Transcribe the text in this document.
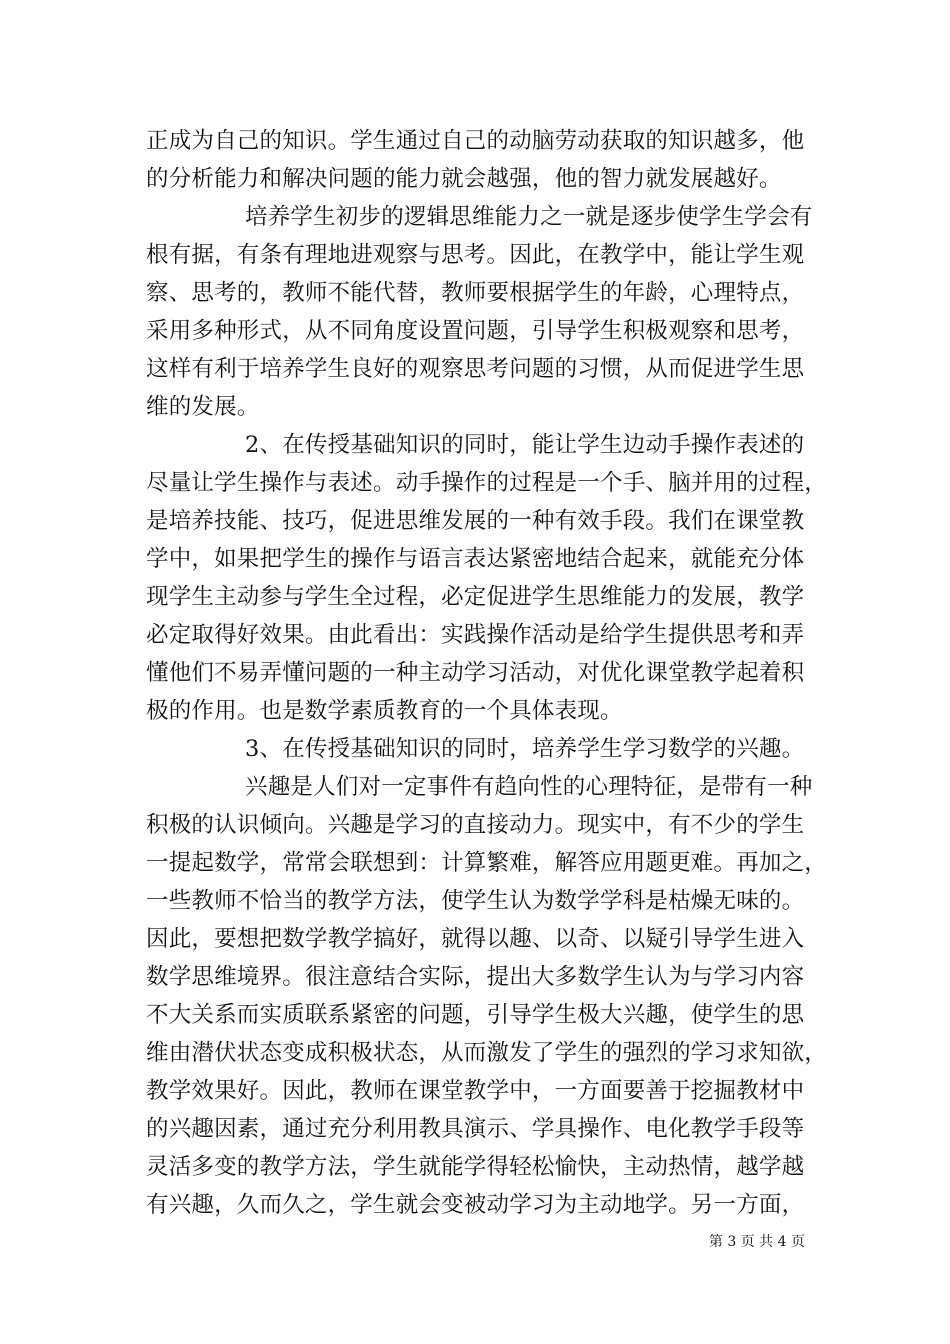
正成为自己的知识。学生通过自己的动脑劳动获取的知识越多，他
的分析能力和解决问题的能力就会越强，他的智力就发展越好。
培养学生初步的逻辑思维能力之一就是逐步使学生学会有
根有据，有条有理地进观察与思考。因此，在教学中，能让学生观
察、思考的，教师不能代替，教师要根据学生的年龄，心理特点，
采用多种形式，从不同角度设置问题，引导学生积极观察和思考，
这样有利于培养学生良好的观察思考问题的习惯，从而促进学生思
维的发展。
2、在传授基础知识的同时，能让学生边动手操作表述的
尽量让学生操作与表述。动手操作的过程是一个手、脑并用的过程，
是培养技能、技巧，促进思维发展的一种有效手段。我们在课堂教
学中，如果把学生的操作与语言表达紧密地结合起来，就能充分体
现学生主动参与学生全过程，必定促进学生思维能力的发展，教学
必定取得好效果。由此看出：实践操作活动是给学生提供思考和弄
懂他们不易弄懂问题的一种主动学习活动，对优化课堂教学起着积
极的作用。也是数学素质教育的一个具体表现。
3、在传授基础知识的同时，培养学生学习数学的兴趣。
兴趣是人们对一定事件有趋向性的心理特征，是带有一种
积极的认识倾向。兴趣是学习的直接动力。现实中，有不少的学生
一提起数学，常常会联想到：计算繁难，解答应用题更难。再加之，
一些教师不恰当的教学方法，使学生认为数学学科是枯燥无味的。
因此，要想把数学教学搞好，就得以趣、以奇、以疑引导学生进入
数学思维境界。很注意结合实际，提出大多数学生认为与学习内容
不大关系而实质联系紧密的问题，引导学生极大兴趣，使学生的思
维由潜伏状态变成积极状态，从而激发了学生的强烈的学习求知欲，
教学效果好。因此，教师在课堂教学中，一方面要善于挖掘教材中
的兴趣因素，通过充分利用教具演示、学具操作、电化教学手段等
灵活多变的教学方法，学生就能学得轻松愉快，主动热情，越学越
有兴趣，久而久之，学生就会变被动学习为主动地学。另一方面，
第 3 页 共 4 页
